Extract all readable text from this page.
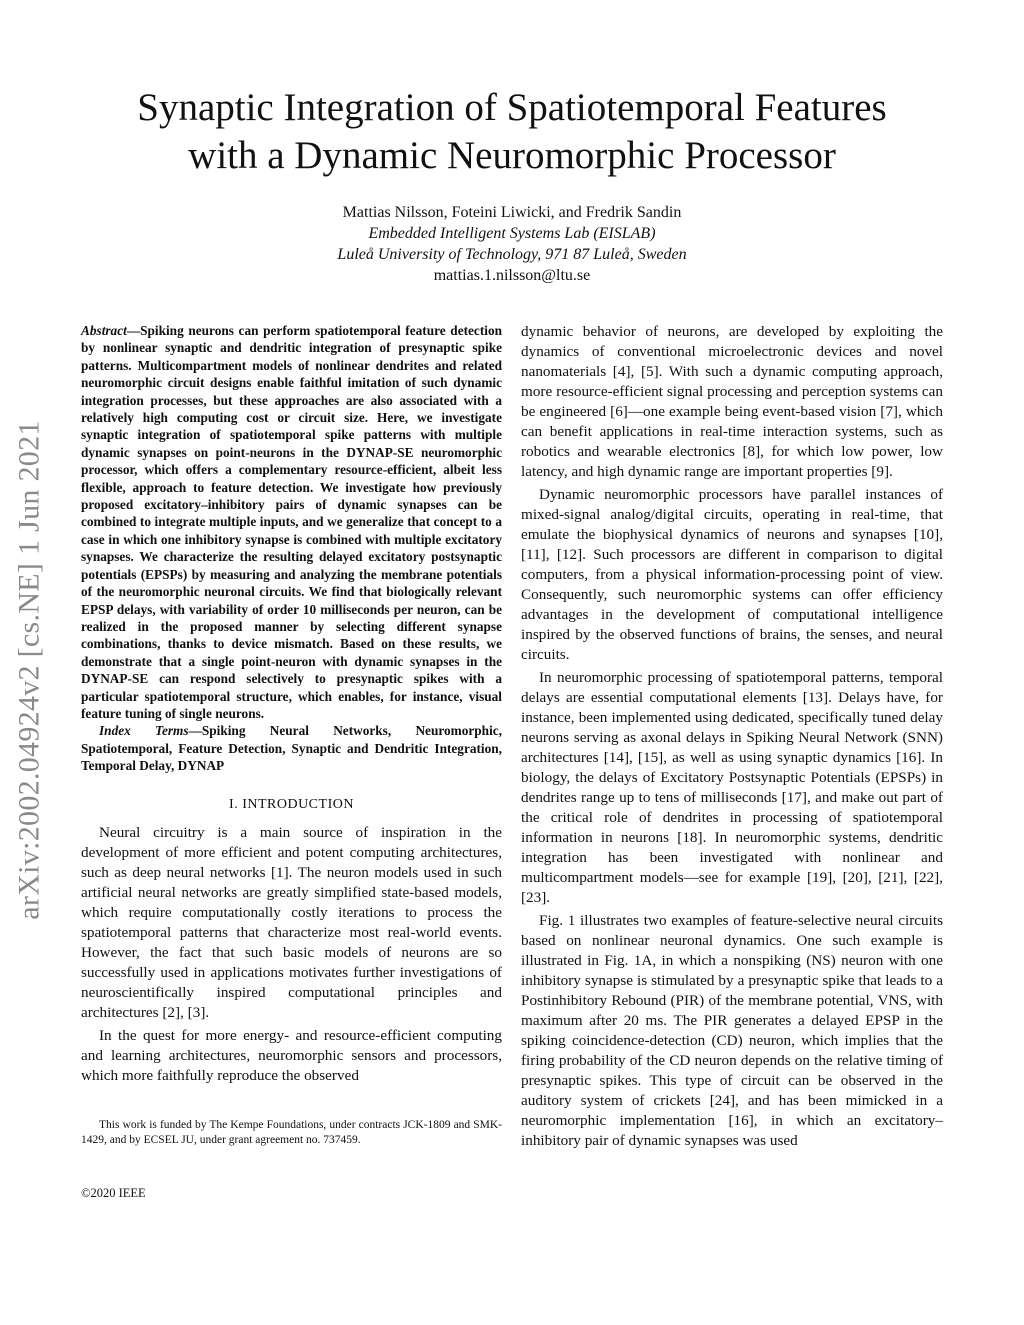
arXiv:2002.04924v2 [cs.NE] 1 Jun 2021
Synaptic Integration of Spatiotemporal Features
with a Dynamic Neuromorphic Processor
Mattias Nilsson, Foteini Liwicki, and Fredrik Sandin
Embedded Intelligent Systems Lab (EISLAB)
Luleå University of Technology, 971 87 Luleå, Sweden
mattias.1.nilsson@ltu.se

Abstract—Spiking neurons can perform spatiotemporal feature detection by nonlinear synaptic and dendritic integration of presynaptic spike patterns. Multicompartment models of nonlinear dendrites and related neuromorphic circuit designs enable faithful imitation of such dynamic integration processes, but these approaches are also associated with a relatively high computing cost or circuit size. Here, we investigate synaptic integration of spatiotemporal spike patterns with multiple dynamic synapses on point-neurons in the DYNAP-SE neuromorphic processor, which offers a complementary resource-efficient, albeit less flexible, approach to feature detection. We investigate how previously proposed excitatory–inhibitory pairs of dynamic synapses can be combined to integrate multiple inputs, and we generalize that concept to a case in which one inhibitory synapse is combined with multiple excitatory synapses. We characterize the resulting delayed excitatory postsynaptic potentials (EPSPs) by measuring and analyzing the membrane potentials of the neuromorphic neuronal circuits. We find that biologically relevant EPSP delays, with variability of order 10 milliseconds per neuron, can be realized in the proposed manner by selecting different synapse combinations, thanks to device mismatch. Based on these results, we demonstrate that a single point-neuron with dynamic synapses in the DYNAP-SE can respond selectively to presynaptic spikes with a particular spatiotemporal structure, which enables, for instance, visual feature tuning of single neurons.

Index Terms—Spiking Neural Networks, Neuromorphic, Spatiotemporal, Feature Detection, Synaptic and Dendritic Integration, Temporal Delay, DYNAP

I. INTRODUCTION

Neural circuitry is a main source of inspiration in the development of more efficient and potent computing architectures, such as deep neural networks [1]. The neuron models used in such artificial neural networks are greatly simplified state-based models, which require computationally costly iterations to process the spatiotemporal patterns that characterize most real-world events. However, the fact that such basic models of neurons are so successfully used in applications motivates further investigations of neuroscientifically inspired computational principles and architectures [2], [3].

In the quest for more energy- and resource-efficient computing and learning architectures, neuromorphic sensors and processors, which more faithfully reproduce the observed

This work is funded by The Kempe Foundations, under contracts JCK-1809 and SMK-1429, and by ECSEL JU, under grant agreement no. 737459.
©2020 IEEE

dynamic behavior of neurons, are developed by exploiting the dynamics of conventional microelectronic devices and novel nanomaterials [4], [5]. With such a dynamic computing approach, more resource-efficient signal processing and perception systems can be engineered [6]—one example being event-based vision [7], which can benefit applications in real-time interaction systems, such as robotics and wearable electronics [8], for which low power, low latency, and high dynamic range are important properties [9].

Dynamic neuromorphic processors have parallel instances of mixed-signal analog/digital circuits, operating in real-time, that emulate the biophysical dynamics of neurons and synapses [10], [11], [12]. Such processors are different in comparison to digital computers, from a physical information-processing point of view. Consequently, such neuromorphic systems can offer efficiency advantages in the development of computational intelligence inspired by the observed functions of brains, the senses, and neural circuits.

In neuromorphic processing of spatiotemporal patterns, temporal delays are essential computational elements [13]. Delays have, for instance, been implemented using dedicated, specifically tuned delay neurons serving as axonal delays in Spiking Neural Network (SNN) architectures [14], [15], as well as using synaptic dynamics [16]. In biology, the delays of Excitatory Postsynaptic Potentials (EPSPs) in dendrites range up to tens of milliseconds [17], and make out part of the critical role of dendrites in processing of spatiotemporal information in neurons [18]. In neuromorphic systems, dendritic integration has been investigated with nonlinear and multicompartment models—see for example [19], [20], [21], [22], [23].

Fig. 1 illustrates two examples of feature-selective neural circuits based on nonlinear neuronal dynamics. One such example is illustrated in Fig. 1A, in which a nonspiking (NS) neuron with one inhibitory synapse is stimulated by a presynaptic spike that leads to a Postinhibitory Rebound (PIR) of the membrane potential, VNS, with maximum after 20 ms. The PIR generates a delayed EPSP in the spiking coincidence-detection (CD) neuron, which implies that the firing probability of the CD neuron depends on the relative timing of presynaptic spikes. This type of circuit can be observed in the auditory system of crickets [24], and has been mimicked in a neuromorphic implementation [16], in which an excitatory–inhibitory pair of dynamic synapses was used
